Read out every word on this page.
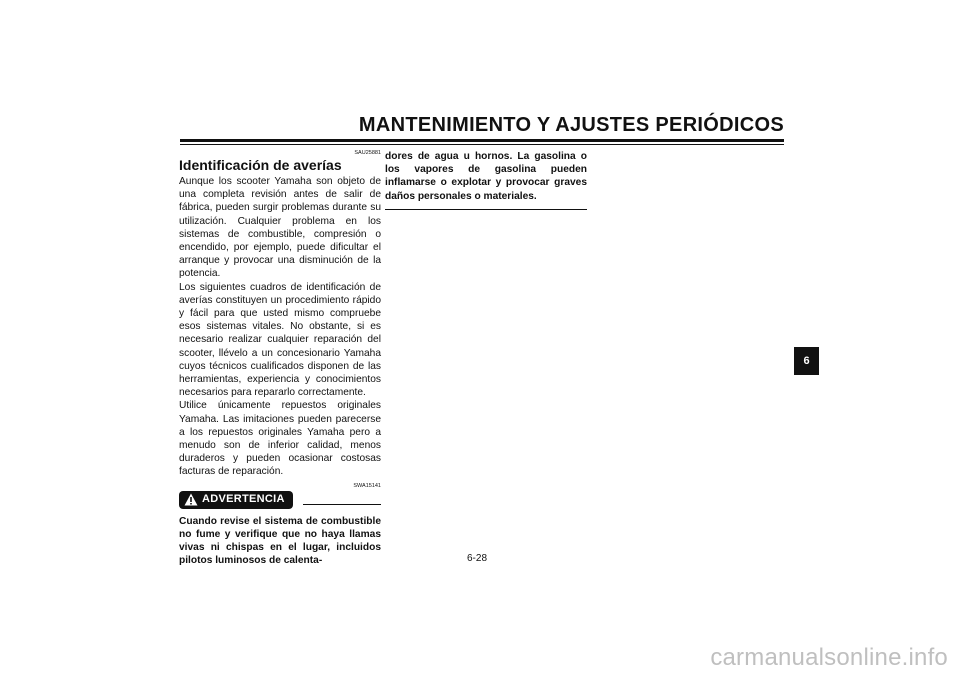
MANTENIMIENTO Y AJUSTES PERIÓDICOS
SAU25881
Identificación de averías

Aunque los scooter Yamaha son objeto de una completa revisión antes de salir de fábrica, pueden surgir problemas durante su utilización. Cualquier problema en los sistemas de combustible, compresión o encendido, por ejemplo, puede dificultar el arranque y provocar una disminución de la potencia.

Los siguientes cuadros de identificación de averías constituyen un procedimiento rápido y fácil para que usted mismo compruebe esos sistemas vitales. No obstante, si es necesario realizar cualquier reparación del scooter, llévelo a un concesionario Yamaha cuyos técnicos cualificados disponen de las herramientas, experiencia y conocimientos necesarios para repararlo correctamente.

Utilice únicamente repuestos originales Yamaha. Las imitaciones pueden parecerse a los repuestos originales Yamaha pero a menudo son de inferior calidad, menos duraderos y pueden ocasionar costosas facturas de reparación.

SWA15141
ADVERTENCIA

Cuando revise el sistema de combustible no fume y verifique que no haya llamas vivas ni chispas en el lugar, incluidos pilotos luminosos de calenta-

dores de agua u hornos. La gasolina o los vapores de gasolina pueden inflamarse o explotar y provocar graves daños personales o materiales.

6
6-28
carmanualsonline.info
